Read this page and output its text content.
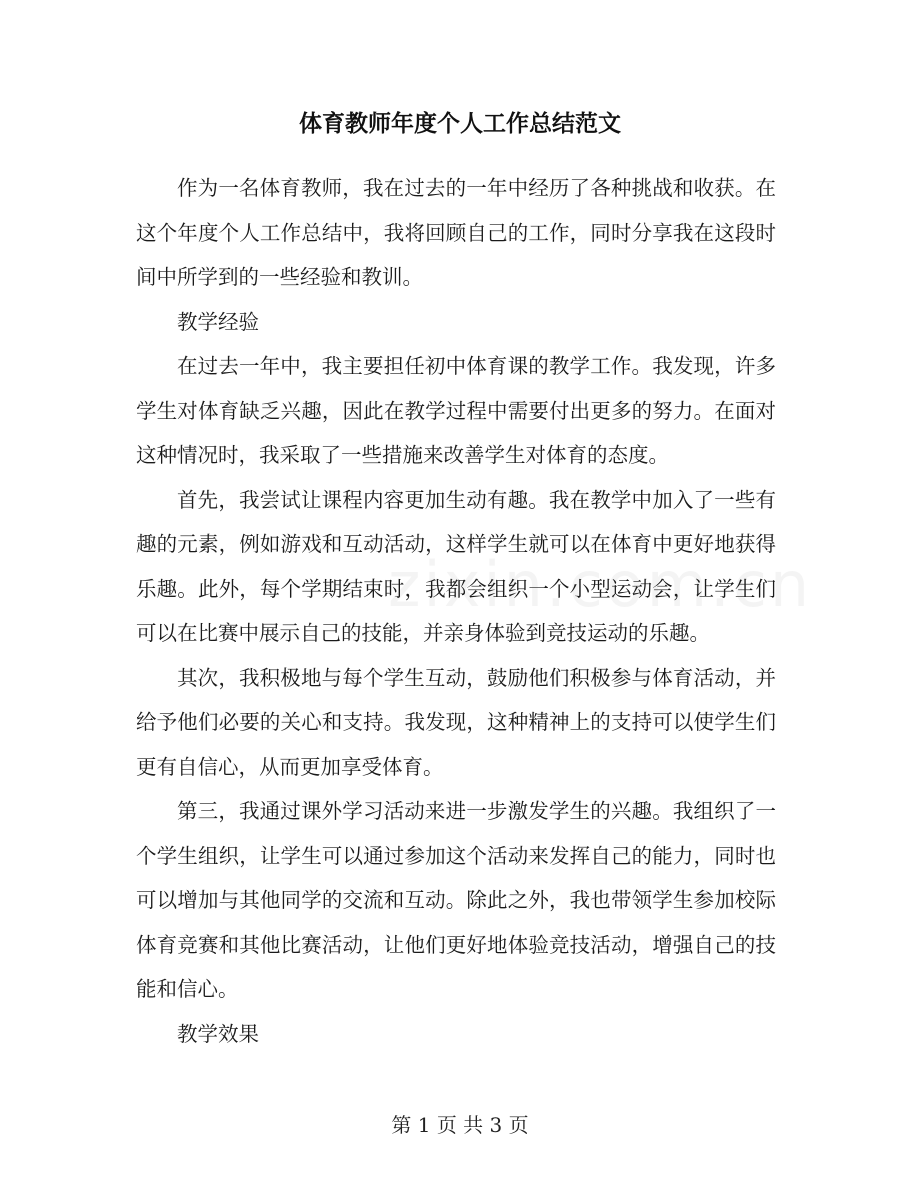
体育教师年度个人工作总结范文

作为一名体育教师，我在过去的一年中经历了各种挑战和收获。在这个年度个人工作总结中，我将回顾自己的工作，同时分享我在这段时间中所学到的一些经验和教训。

教学经验

在过去一年中，我主要担任初中体育课的教学工作。我发现，许多学生对体育缺乏兴趣，因此在教学过程中需要付出更多的努力。在面对这种情况时，我采取了一些措施来改善学生对体育的态度。

首先，我尝试让课程内容更加生动有趣。我在教学中加入了一些有趣的元素，例如游戏和互动活动，这样学生就可以在体育中更好地获得乐趣。此外，每个学期结束时，我都会组织一个小型运动会，让学生们可以在比赛中展示自己的技能，并亲身体验到竞技运动的乐趣。

其次，我积极地与每个学生互动，鼓励他们积极参与体育活动，并给予他们必要的关心和支持。我发现，这种精神上的支持可以使学生们更有自信心，从而更加享受体育。

第三，我通过课外学习活动来进一步激发学生的兴趣。我组织了一个学生组织，让学生可以通过参加这个活动来发挥自己的能力，同时也可以增加与其他同学的交流和互动。除此之外，我也带领学生参加校际体育竞赛和其他比赛活动，让他们更好地体验竞技活动，增强自己的技能和信心。

教学效果

第 1 页 共 3 页
